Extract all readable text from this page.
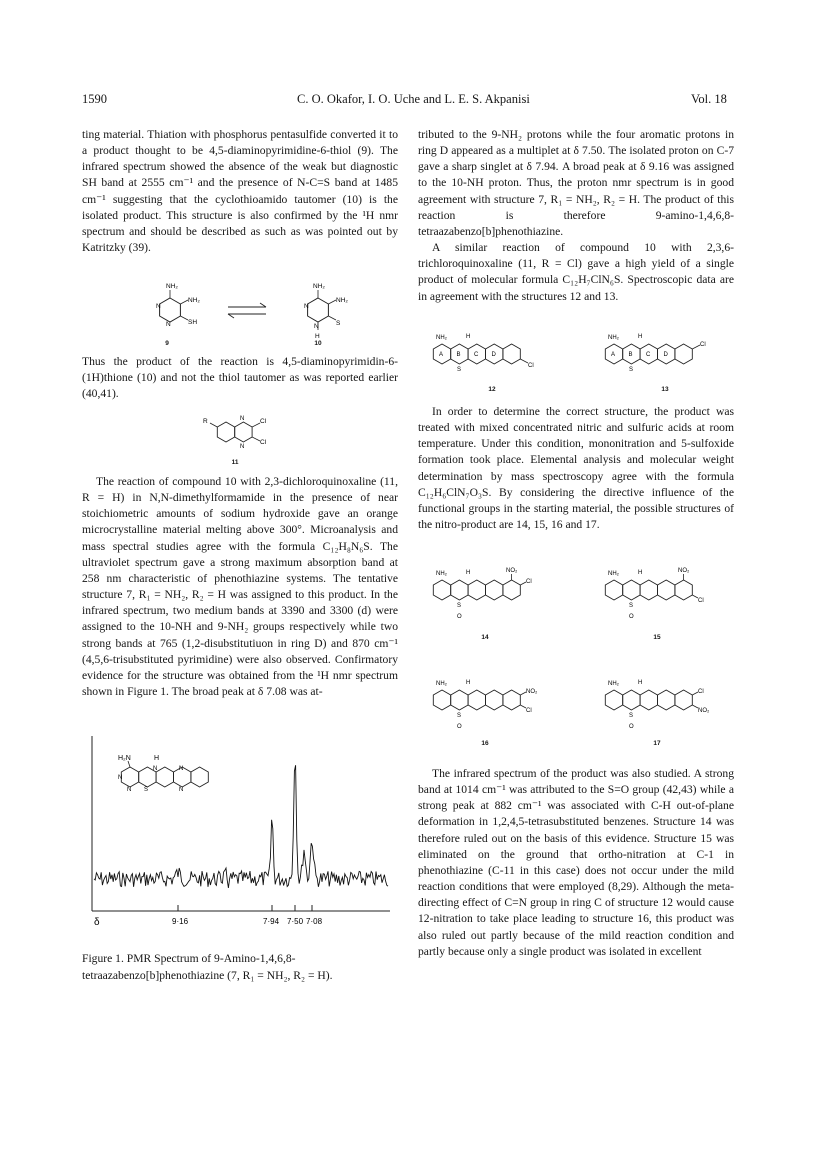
1590	C. O. Okafor, I. O. Uche and L. E. S. Akpanisi	Vol. 18

ting material. Thiation with phosphorus pentasulfide converted it to a product thought to be 4,5-diaminopyrimidine-6-thiol (9). The infrared spectrum showed the absence of the weak but diagnostic SH band at 2555 cm⁻¹ and the presence of N-C=S band at 1485 cm⁻¹ suggesting that the cyclothioamido tautomer (10) is the isolated product. This structure is also confirmed by the ¹H nmr spectrum and should be described as such as was pointed out by Katritzky (39).

NH₂
NH₂
SH
N
N
NH₂
NH₂
S
N
N
H
9	10

Thus the product of the reaction is 4,5-diaminopyrimidin-6-(1H)thione (10) and not the thiol tautomer as was reported earlier (40,41).

R	N
N
Cl
Cl
11

The reaction of compound 10 with 2,3-dichloroquinoxaline (11, R = H) in N,N-dimethylformamide in the presence of near stoichiometric amounts of sodium hydroxide gave an orange microcrystalline material melting above 300°. Microanalysis and mass spectral studies agree with the formula C₁₂H₈N₆S. The ultraviolet spectrum gave a strong maximum absorption band at 258 nm characteristic of phenothiazine systems. The tentative structure 7, R₁ = NH₂, R₂ = H was assigned to this product. In the infrared spectrum, two medium bands at 3390 and 3300 (d) were assigned to the 10-NH and 9-NH₂ groups respectively while two strong bands at 765 (1,2-disubstitutiuon in ring D) and 870 cm⁻¹ (4,5,6-trisubstituted pyrimidine) were also observed. Confirmatory evidence for the structure was obtained from the ¹H nmr spectrum shown in Figure 1. The broad peak at δ 7.08 was at-

δ	9·16	7·94 7·50 7·08
H₂N	H
N
N
N S
N
N
Figure 1. PMR Spectrum of 9-Amino-1,4,6,8-tetraazabenzo[b]phenothiazine (7, R₁ = NH₂, R₂ = H).

tributed to the 9-NH₂ protons while the four aromatic protons in ring D appeared as a multiplet at δ 7.50. The isolated proton on C-7 gave a sharp singlet at δ 7.94. A broad peak at δ 9.16 was assigned to the 10-NH proton. Thus, the proton nmr spectrum is in good agreement with structure 7, R₁ = NH₂, R₂ = H. The product of this reaction is therefore 9-amino-1,4,6,8-tetraazabenzo[b]phenothiazine.

A similar reaction of compound 10 with 2,3,6-trichloroquinoxaline (11, R = Cl) gave a high yield of a single product of molecular formula C₁₂H₇ClN₆S. Spectroscopic data are in agreement with the structures 12 and 13.

Cl
NH₂	H
A B C D
S
Cl
NH₂	H
A B C D
S
12	13

In order to determine the correct structure, the product was treated with mixed concentrated nitric and sulfuric acids at room temperature. Under this condition, mononitration and 5-sulfoxide formation took place. Elemental analysis and molecular weight determination by mass spectroscopy agree with the formula C₁₂H₆ClN₇O₃S. By considering the directive influence of the functional groups in the starting material, the possible structures of the nitro-product are 14, 15, 16 and 17.

Cl
NO₂
NH₂	H
S
O
NO₂
Cl
NH₂	H
S
O
NO₂
Cl
NH₂	H
S
O
Cl
NO₂
NH₂	H
S
O
14	15
16	17

The infrared spectrum of the product was also studied. A strong band at 1014 cm⁻¹ was attributed to the S=O group (42,43) while a strong peak at 882 cm⁻¹ was associated with C-H out-of-plane deformation in 1,2,4,5-tetrasubstituted benzenes. Structure 14 was therefore ruled out on the basis of this evidence. Structure 15 was eliminated on the ground that ortho-nitration at C-1 in phenothiazine (C-11 in this case) does not occur under the mild reaction conditions that were employed (8,29). Although the meta-directing effect of C=N group in ring C of structure 12 would cause 12-nitration to take place leading to structure 16, this product was also ruled out partly because of the mild reaction condition and partly because only a single product was isolated in excellent
